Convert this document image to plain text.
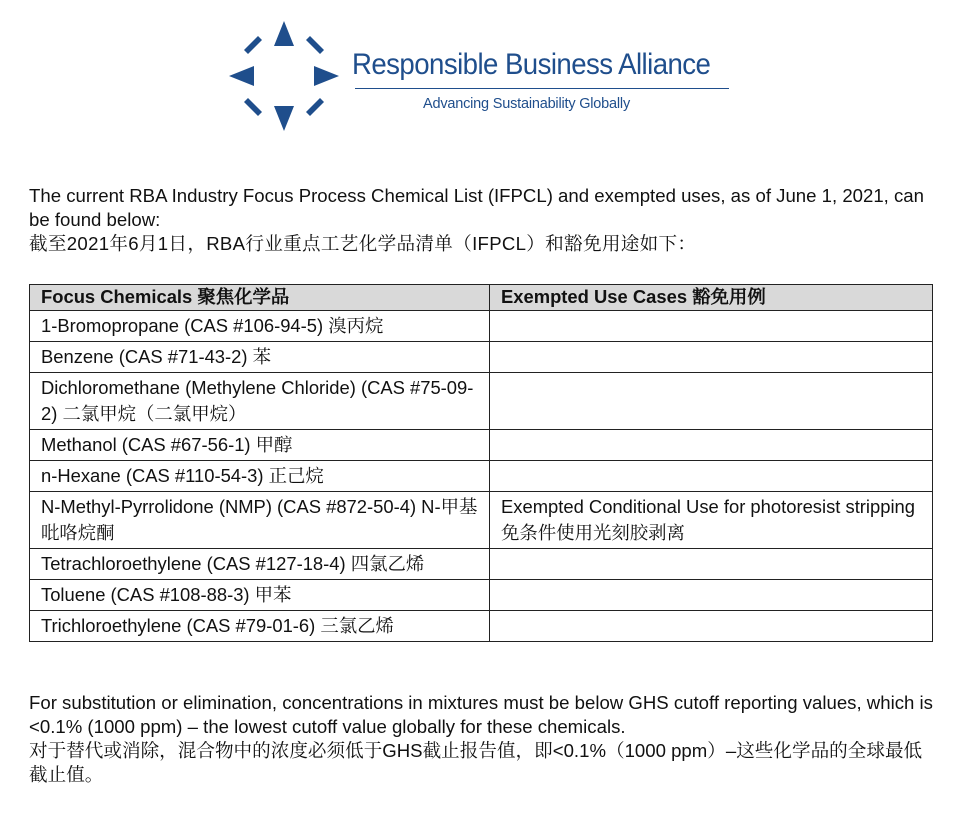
Responsible Business Alliance
Advancing Sustainability Globally

The current RBA Industry Focus Process Chemical List (IFPCL) and exempted uses, as of June 1, 2021, can be found below:

截至2021年6月1日，RBA行业重点工艺化学品清单（IFPCL）和豁免用途如下：

Focus Chemicals 聚焦化学品	Exempted Use Cases 豁免用例
1-Bromopropane (CAS #106-94-5) 溴丙烷	
Benzene (CAS #71-43-2) 苯	
Dichloromethane (Methylene Chloride) (CAS #75-09-2) 二氯甲烷（二氯甲烷）	
Methanol (CAS #67-56-1) 甲醇	
n-Hexane (CAS #110-54-3) 正己烷	
N-Methyl-Pyrrolidone (NMP) (CAS #872-50-4) N-甲基吡咯烷酮	Exempted Conditional Use for photoresist stripping 免条件使用光刻胶剥离
Tetrachloroethylene (CAS #127-18-4) 四氯乙烯	
Toluene (CAS #108-88-3) 甲苯	
Trichloroethylene (CAS #79-01-6) 三氯乙烯	

For substitution or elimination, concentrations in mixtures must be below GHS cutoff reporting values, which is <0.1% (1000 ppm) – the lowest cutoff value globally for these chemicals.

对于替代或消除，混合物中的浓度必须低于GHS截止报告值，即<0.1%（1000 ppm）–这些化学品的全球最低截止值。
